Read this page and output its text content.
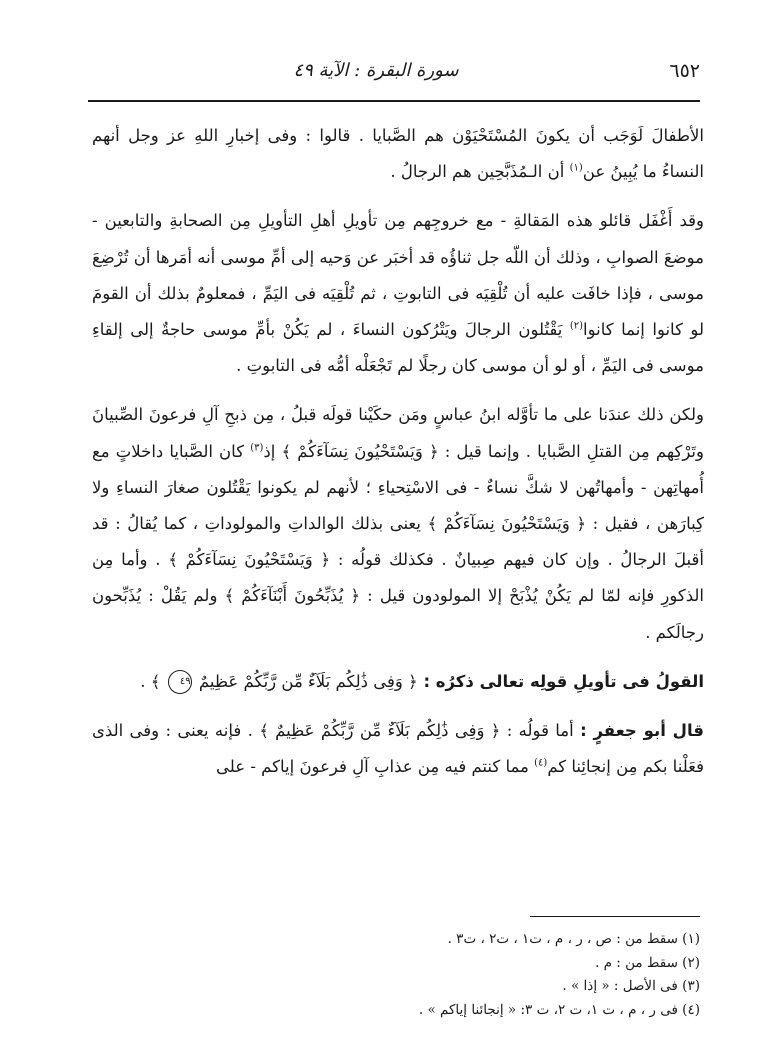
٦٥٢
سورة البقرة : الآية ٤٩

الأطفالَ لَوَجَب أن يكونَ المُسْتَحْيَوْن هم الصَّبايا . قالوا : وفى إخبارِ اللهِ عز وجل أنهم النساءُ ما يُبِينُ عن$^{(١)}$ أن الـمُذَبَّحِين هم الرجالُ .

وقد أَغْفَل قائلو هذه المَقالةِ - مع خروجِهم مِن تأويلِ أهلِ التأويلِ مِن الصحابةِ والتابعين - موضعَ الصوابِ ، وذلك أن اللّه جل ثناؤُه قد أخبَر عن وَحيه إلى أمِّ موسى أنه أمَرها أن تُرْضِعَ موسى ، فإذا خافَت عليه أن تُلْقِيَه فى التابوتِ ، ثم تُلْقِيَه فى اليَمِّ ، فمعلومٌ بذلك أن القومَ لو كانوا إنما كانوا$^{(٢)}$ يَقْتُلون الرجالَ ويَتْرُكون النساءَ ، لم يَكُنْ بأمِّ موسى حاجةٌ إلى إلقاءِ موسى فى اليَمِّ ، أو لو أن موسى كان رجلًا لم تَجْعَلْه أمُّه فى التابوتِ .

ولكن ذلك عندَنا على ما تأوَّله ابنُ عباسٍ ومَن حكَيْنا قولَه قبلُ ، مِن ذبحِ آلِ فرعونَ الصِّبيانَ وتَرْكِهم مِن القتلِ الصَّبايا . وإنما قيل : ﴿ وَيَسْتَحْيُونَ نِسَآءَكُمْ ﴾ إذ$^{(٣)}$ كان الصَّبايا داخلاتٍ مع أُمهاتِهن - وأمهاتُهن لا شكَّ نساءٌ - فى الاسْتِحياءِ ؛ لأنهم لم يكونوا يَقْتُلون صغارَ النساءِ ولا كِبارَهن ، فقيل : ﴿ وَيَسْتَحْيُونَ نِسَآءَكُمْ ﴾ يعنى بذلك الوالداتِ والمولوداتِ ، كما يُقالُ : قد أقبلَ الرجالُ . وإن كان فيهم صِبيانٌ . فكذلك قولُه : ﴿ وَيَسْتَحْيُونَ نِسَآءَكُمْ ﴾ . وأما مِن الذكورِ فإنه لمّا لم يَكُنْ يُذْبَحْ إلا المولودون قيل : ﴿ يُذَبِّحُونَ أَبْنَآءَكُمْ ﴾ ولم يَقُلْ : يُذَبِّحون رجالَكم .

القولُ فى تأويلِ قولِه تعالى ذكرُه : ﴿ وَفِى ذَٰلِكُم بَلَآءٌ مِّن رَّبِّكُمْ عَظِيمٌ ٤٩ ﴾ .

قال أبو جعفرٍ : أما قولُه : ﴿ وَفِى ذَٰلِكُم بَلَآءٌ مِّن رَّبِّكُمْ عَظِيمٌ ﴾ . فإنه يعنى : وفى الذى فعَلْنا بكم مِن إنجائِنا كم$^{(٤)}$ مما كنتم فيه مِن عذابِ آلِ فرعونَ إياكم - على

(١) سقط من : ص ، ر ، م ، ت١ ، ت٢ ، ت٣ .

(٢) سقط من : م .

(٣) فى الأصل : « إذا » .

(٤) فى ر ، م ، ت ١، ت ٢، ت ٣: « إنجائنا إياكم » .
